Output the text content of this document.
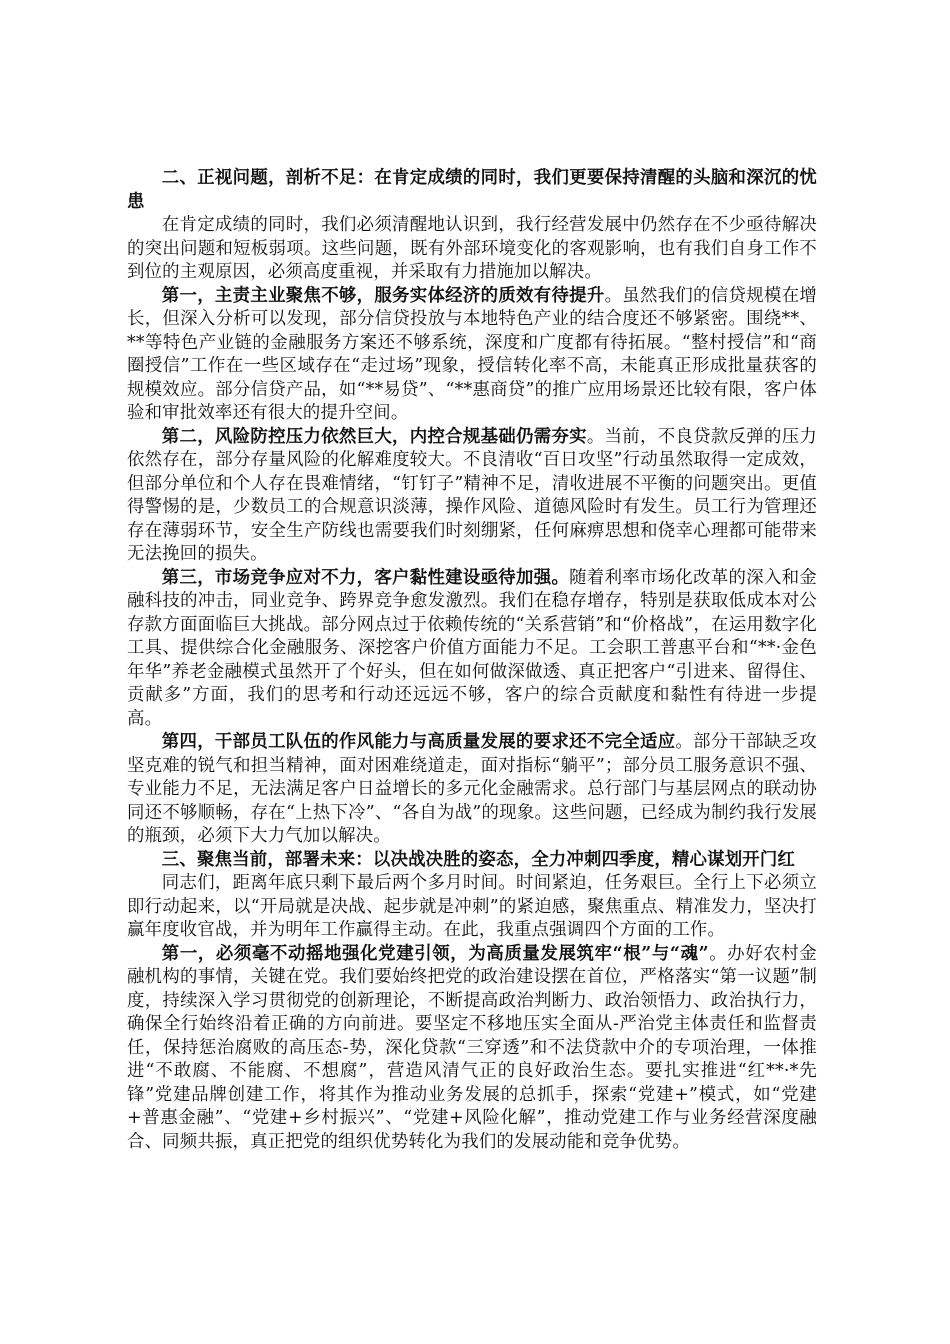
二、正视问题，剖析不足：在肯定成绩的同时，我们更要保持清醒的头脑和深沉的忧患

在肯定成绩的同时，我们必须清醒地认识到，我行经营发展中仍然存在不少亟待解决的突出问题和短板弱项。这些问题，既有外部环境变化的客观影响，也有我们自身工作不到位的主观原因，必须高度重视，并采取有力措施加以解决。

第一，主责主业聚焦不够，服务实体经济的质效有待提升。虽然我们的信贷规模在增长，但深入分析可以发现，部分信贷投放与本地特色产业的结合度还不够紧密。围绕**、**等特色产业链的金融服务方案还不够系统，深度和广度都有待拓展。“整村授信”和“商圈授信”工作在一些区域存在“走过场”现象，授信转化率不高，未能真正形成批量获客的规模效应。部分信贷产品，如“**易贷”、“**惠商贷”的推广应用场景还比较有限，客户体验和审批效率还有很大的提升空间。

第二，风险防控压力依然巨大，内控合规基础仍需夯实。当前，不良贷款反弹的压力依然存在，部分存量风险的化解难度较大。不良清收“百日攻坚”行动虽然取得一定成效，但部分单位和个人存在畏难情绪，“钉钉子”精神不足，清收进展不平衡的问题突出。更值得警惕的是，少数员工的合规意识淡薄，操作风险、道德风险时有发生。员工行为管理还存在薄弱环节，安全生产防线也需要我们时刻绷紧，任何麻痹思想和侥幸心理都可能带来无法挽回的损失。

第三，市场竞争应对不力，客户黏性建设亟待加强。随着利率市场化改革的深入和金融科技的冲击，同业竞争、跨界竞争愈发激烈。我们在稳存增存，特别是获取低成本对公存款方面面临巨大挑战。部分网点过于依赖传统的“关系营销”和“价格战”，在运用数字化工具、提供综合化金融服务、深挖客户价值方面能力不足。工会职工普惠平台和“**·金色年华”养老金融模式虽然开了个好头，但在如何做深做透、真正把客户“引进来、留得住、贡献多”方面，我们的思考和行动还远远不够，客户的综合贡献度和黏性有待进一步提高。

第四，干部员工队伍的作风能力与高质量发展的要求还不完全适应。部分干部缺乏攻坚克难的锐气和担当精神，面对困难绕道走，面对指标“躺平”；部分员工服务意识不强、专业能力不足，无法满足客户日益增长的多元化金融需求。总行部门与基层网点的联动协同还不够顺畅，存在“上热下冷”、“各自为战”的现象。这些问题，已经成为制约我行发展的瓶颈，必须下大力气加以解决。

三、聚焦当前，部署未来：以决战决胜的姿态，全力冲刺四季度，精心谋划开门红

同志们，距离年底只剩下最后两个多月时间。时间紧迫，任务艰巨。全行上下必须立即行动起来，以“开局就是决战、起步就是冲刺”的紧迫感，聚焦重点、精准发力，坚决打赢年度收官战，并为明年工作赢得主动。在此，我重点强调四个方面的工作。

第一，必须毫不动摇地强化党建引领，为高质量发展筑牢“根”与“魂”。办好农村金融机构的事情，关键在党。我们要始终把党的政治建设摆在首位，严格落实“第一议题”制度，持续深入学习贯彻党的创新理论，不断提高政治判断力、政治领悟力、政治执行力，确保全行始终沿着正确的方向前进。要坚定不移地压实全面从-严治党主体责任和监督责任，保持惩治腐败的高压态-势，深化贷款“三穿透”和不法贷款中介的专项治理，一体推进“不敢腐、不能腐、不想腐”，营造风清气正的良好政治生态。要扎实推进“红**·*先锋”党建品牌创建工作，将其作为推动业务发展的总抓手，探索“党建+”模式，如“党建+普惠金融”、“党建+乡村振兴”、“党建+风险化解”，推动党建工作与业务经营深度融合、同频共振，真正把党的组织优势转化为我们的发展动能和竞争优势。
